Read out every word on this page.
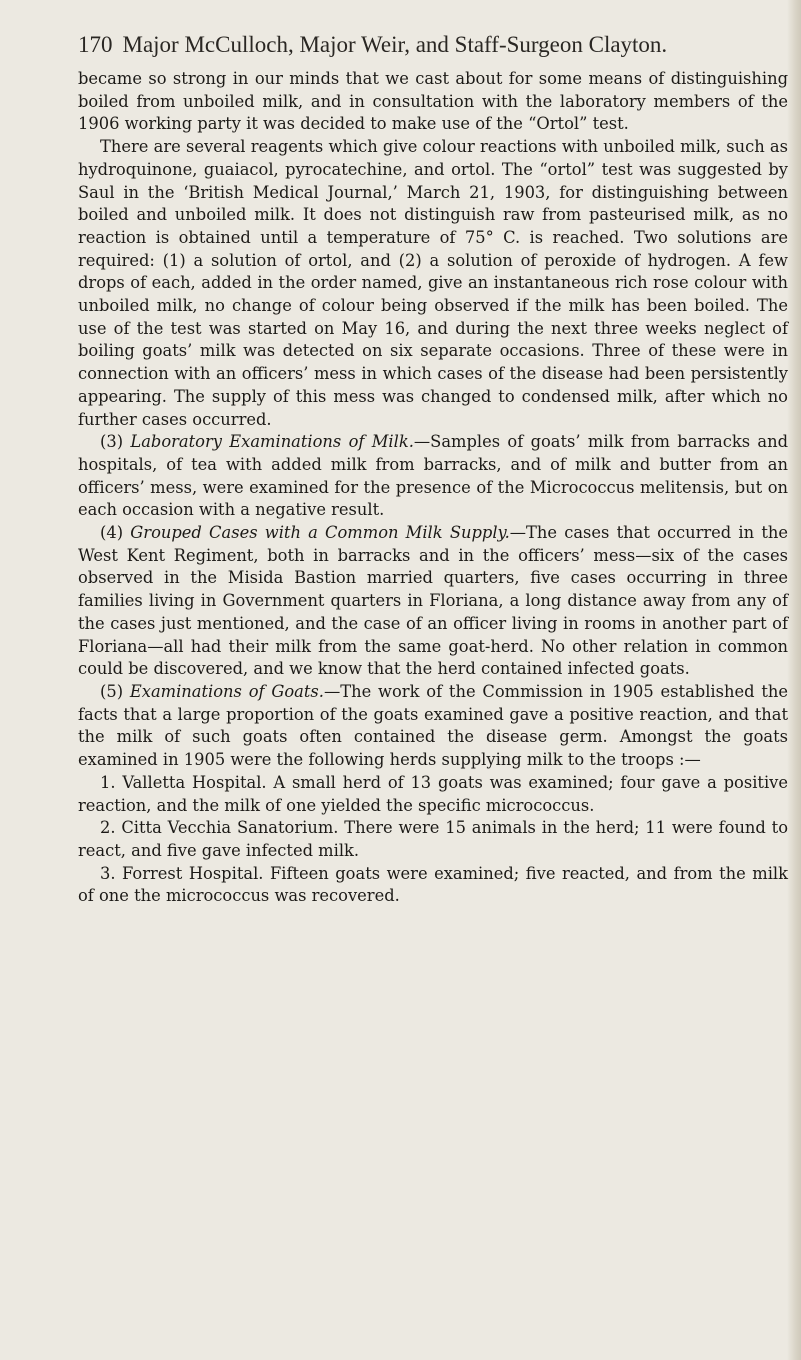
170 Major McCulloch, Major Weir, and Staff-Surgeon Clayton.

became so strong in our minds that we cast about for some means of distinguishing boiled from unboiled milk, and in consultation with the laboratory members of the 1906 working party it was decided to make use of the “Ortol” test.

There are several reagents which give colour reactions with unboiled milk, such as hydroquinone, guaiacol, pyrocatechine, and ortol. The “ortol” test was suggested by Saul in the ‘British Medical Journal,’ March 21, 1903, for distinguishing between boiled and unboiled milk. It does not distinguish raw from pasteurised milk, as no reaction is obtained until a temperature of 75° C. is reached. Two solutions are required: (1) a solution of ortol, and (2) a solution of peroxide of hydrogen. A few drops of each, added in the order named, give an instantaneous rich rose colour with unboiled milk, no change of colour being observed if the milk has been boiled. The use of the test was started on May 16, and during the next three weeks neglect of boiling goats’ milk was detected on six separate occasions. Three of these were in connection with an officers’ mess in which cases of the disease had been persistently appearing. The supply of this mess was changed to condensed milk, after which no further cases occurred.

(3) Laboratory Examinations of Milk.—Samples of goats’ milk from barracks and hospitals, of tea with added milk from barracks, and of milk and butter from an officers’ mess, were examined for the presence of the Micrococcus melitensis, but on each occasion with a negative result.

(4) Grouped Cases with a Common Milk Supply.—The cases that occurred in the West Kent Regiment, both in barracks and in the officers’ mess—six of the cases observed in the Misida Bastion married quarters, five cases occurring in three families living in Government quarters in Floriana, a long distance away from any of the cases just mentioned, and the case of an officer living in rooms in another part of Floriana—all had their milk from the same goat-herd. No other relation in common could be discovered, and we know that the herd contained infected goats.

(5) Examinations of Goats.—The work of the Commission in 1905 established the facts that a large proportion of the goats examined gave a positive reaction, and that the milk of such goats often contained the disease germ. Amongst the goats examined in 1905 were the following herds supplying milk to the troops :—

1. Valletta Hospital. A small herd of 13 goats was examined; four gave a positive reaction, and the milk of one yielded the specific micrococcus.

2. Citta Vecchia Sanatorium. There were 15 animals in the herd; 11 were found to react, and five gave infected milk.

3. Forrest Hospital. Fifteen goats were examined; five reacted, and from the milk of one the micrococcus was recovered.
